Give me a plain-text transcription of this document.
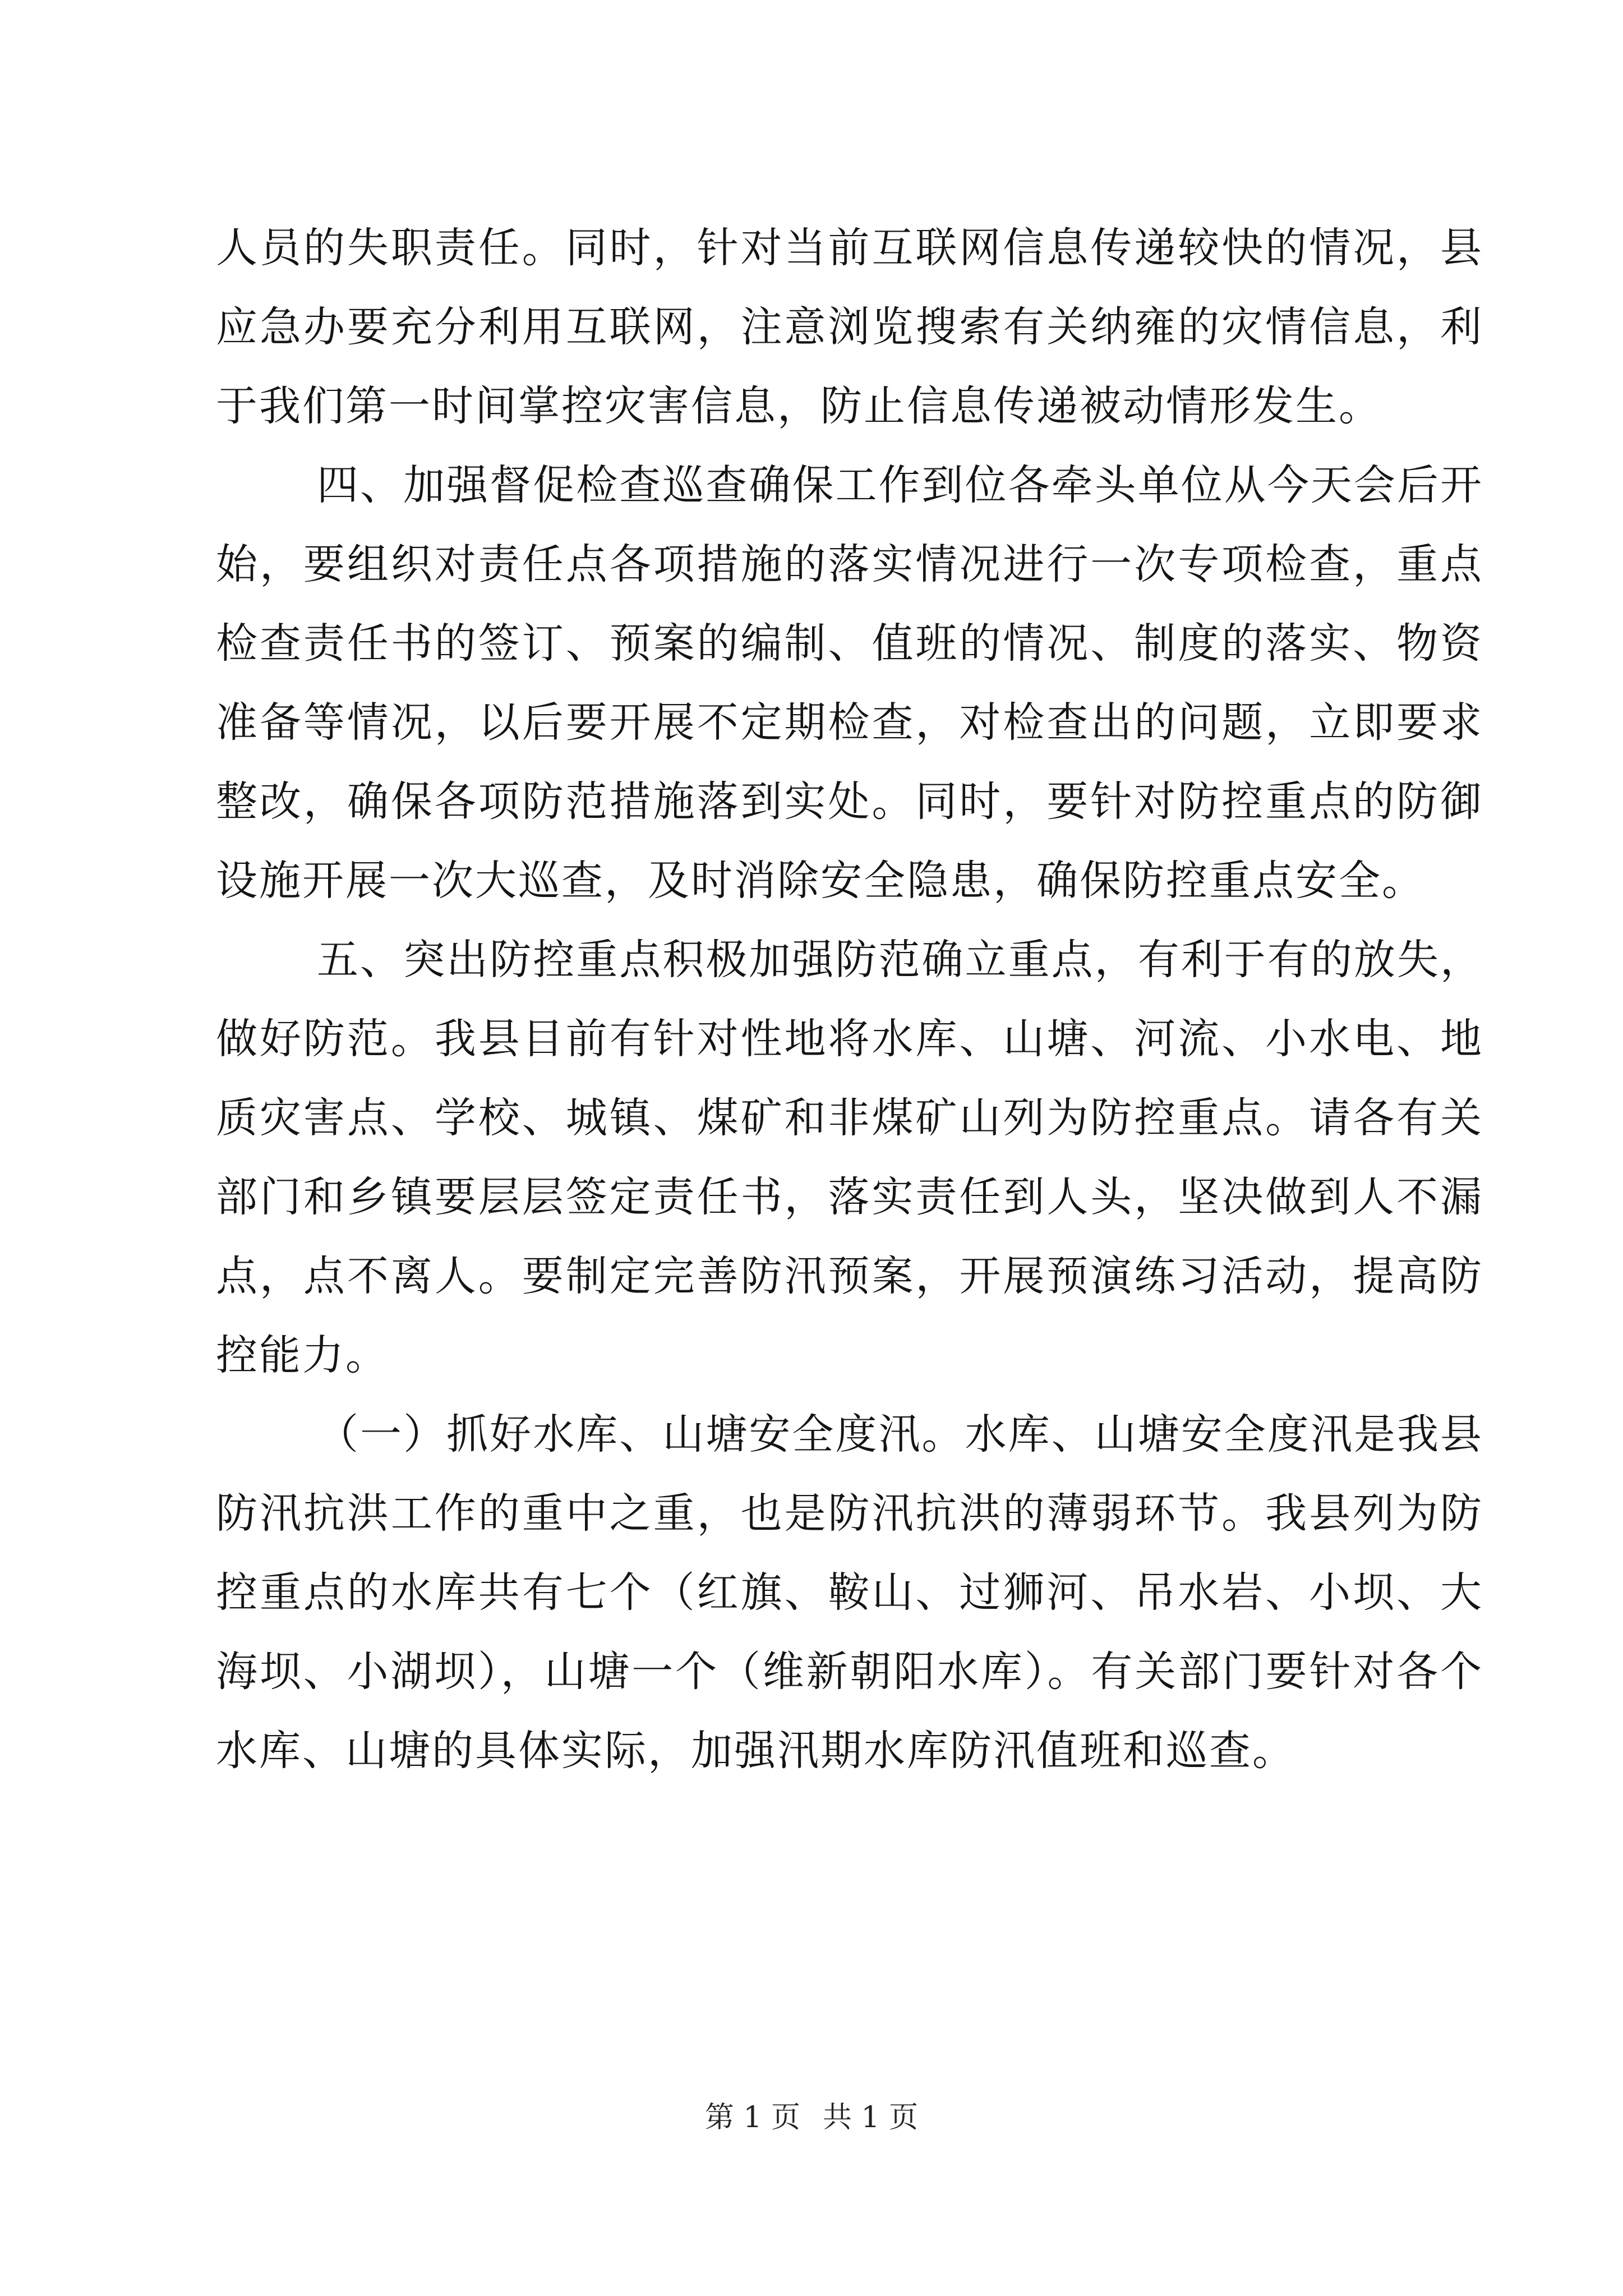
人员的失职责任。同时，针对当前互联网信息传递较快的情况，县应急办要充分利用互联网，注意浏览搜索有关纳雍的灾情信息，利于我们第一时间掌控灾害信息，防止信息传递被动情形发生。

四、加强督促检查巡查确保工作到位各牵头单位从今天会后开始，要组织对责任点各项措施的落实情况进行一次专项检查，重点检查责任书的签订、预案的编制、值班的情况、制度的落实、物资准备等情况，以后要开展不定期检查，对检查出的问题，立即要求整改，确保各项防范措施落到实处。同时，要针对防控重点的防御设施开展一次大巡查，及时消除安全隐患，确保防控重点安全。

五、突出防控重点积极加强防范确立重点，有利于有的放失，做好防范。我县目前有针对性地将水库、山塘、河流、小水电、地质灾害点、学校、城镇、煤矿和非煤矿山列为防控重点。请各有关部门和乡镇要层层签定责任书，落实责任到人头，坚决做到人不漏点，点不离人。要制定完善防汛预案，开展预演练习活动，提高防控能力。

（一）抓好水库、山塘安全度汛。水库、山塘安全度汛是我县防汛抗洪工作的重中之重，也是防汛抗洪的薄弱环节。我县列为防控重点的水库共有七个（红旗、鞍山、过狮河、吊水岩、小坝、大海坝、小湖坝），山塘一个（维新朝阳水库）。有关部门要针对各个水库、山塘的具体实际，加强汛期水库防汛值班和巡查。

第 1 页 共 1 页
